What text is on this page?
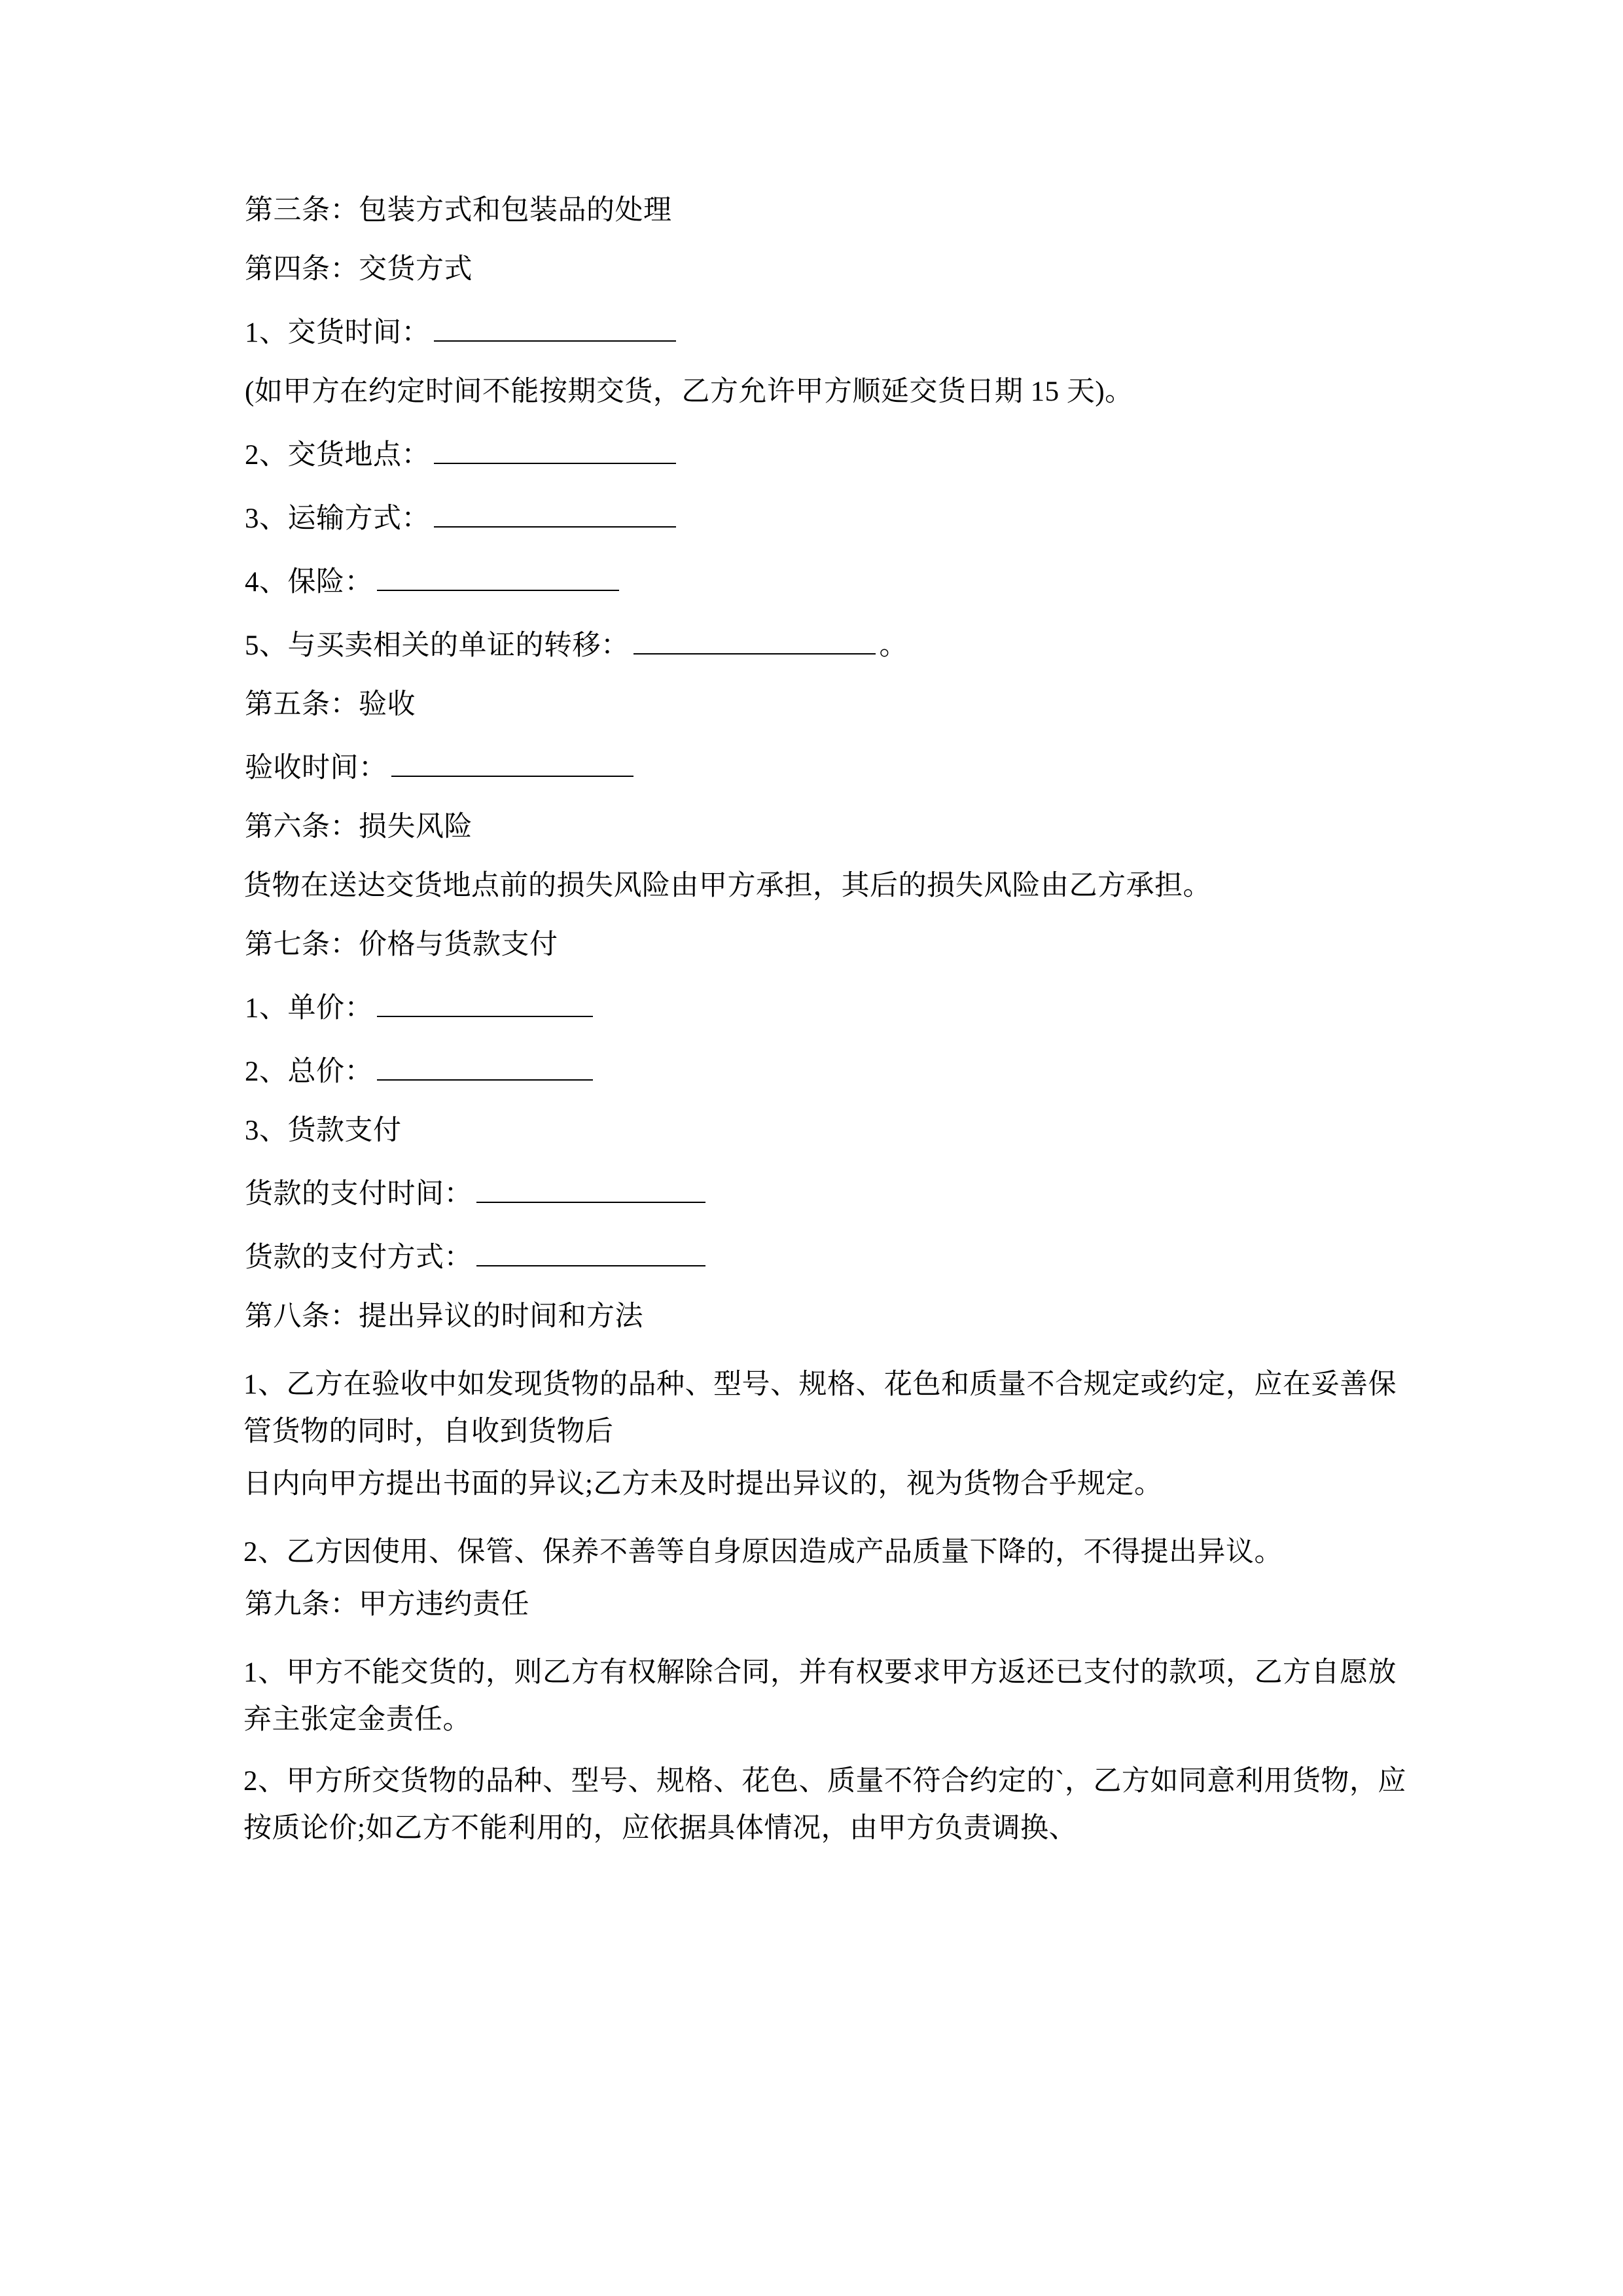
第三条：包装方式和包装品的处理

第四条：交货方式

1、交货时间：

(如甲方在约定时间不能按期交货，乙方允许甲方顺延交货日期 15 天)。

2、交货地点：

3、运输方式：

4、保险：

5、与买卖相关的单证的转移：	。

第五条：验收

验收时间：

第六条：损失风险

货物在送达交货地点前的损失风险由甲方承担，其后的损失风险由乙方承担。

第七条：价格与货款支付

1、单价：

2、总价：

3、货款支付

货款的支付时间：

货款的支付方式：

第八条：提出异议的时间和方法

1、乙方在验收中如发现货物的品种、型号、规格、花色和质量不合规定或约定，应在妥善保管货物的同时，自收到货物后

日内向甲方提出书面的异议;乙方未及时提出异议的，视为货物合乎规定。

2、乙方因使用、保管、保养不善等自身原因造成产品质量下降的，不得提出异议。

第九条：甲方违约责任

1、甲方不能交货的，则乙方有权解除合同，并有权要求甲方返还已支付的款项，乙方自愿放弃主张定金责任。

2、甲方所交货物的品种、型号、规格、花色、质量不符合约定的`，乙方如同意利用货物，应按质论价;如乙方不能利用的，应依据具体情况，由甲方负责调换、
